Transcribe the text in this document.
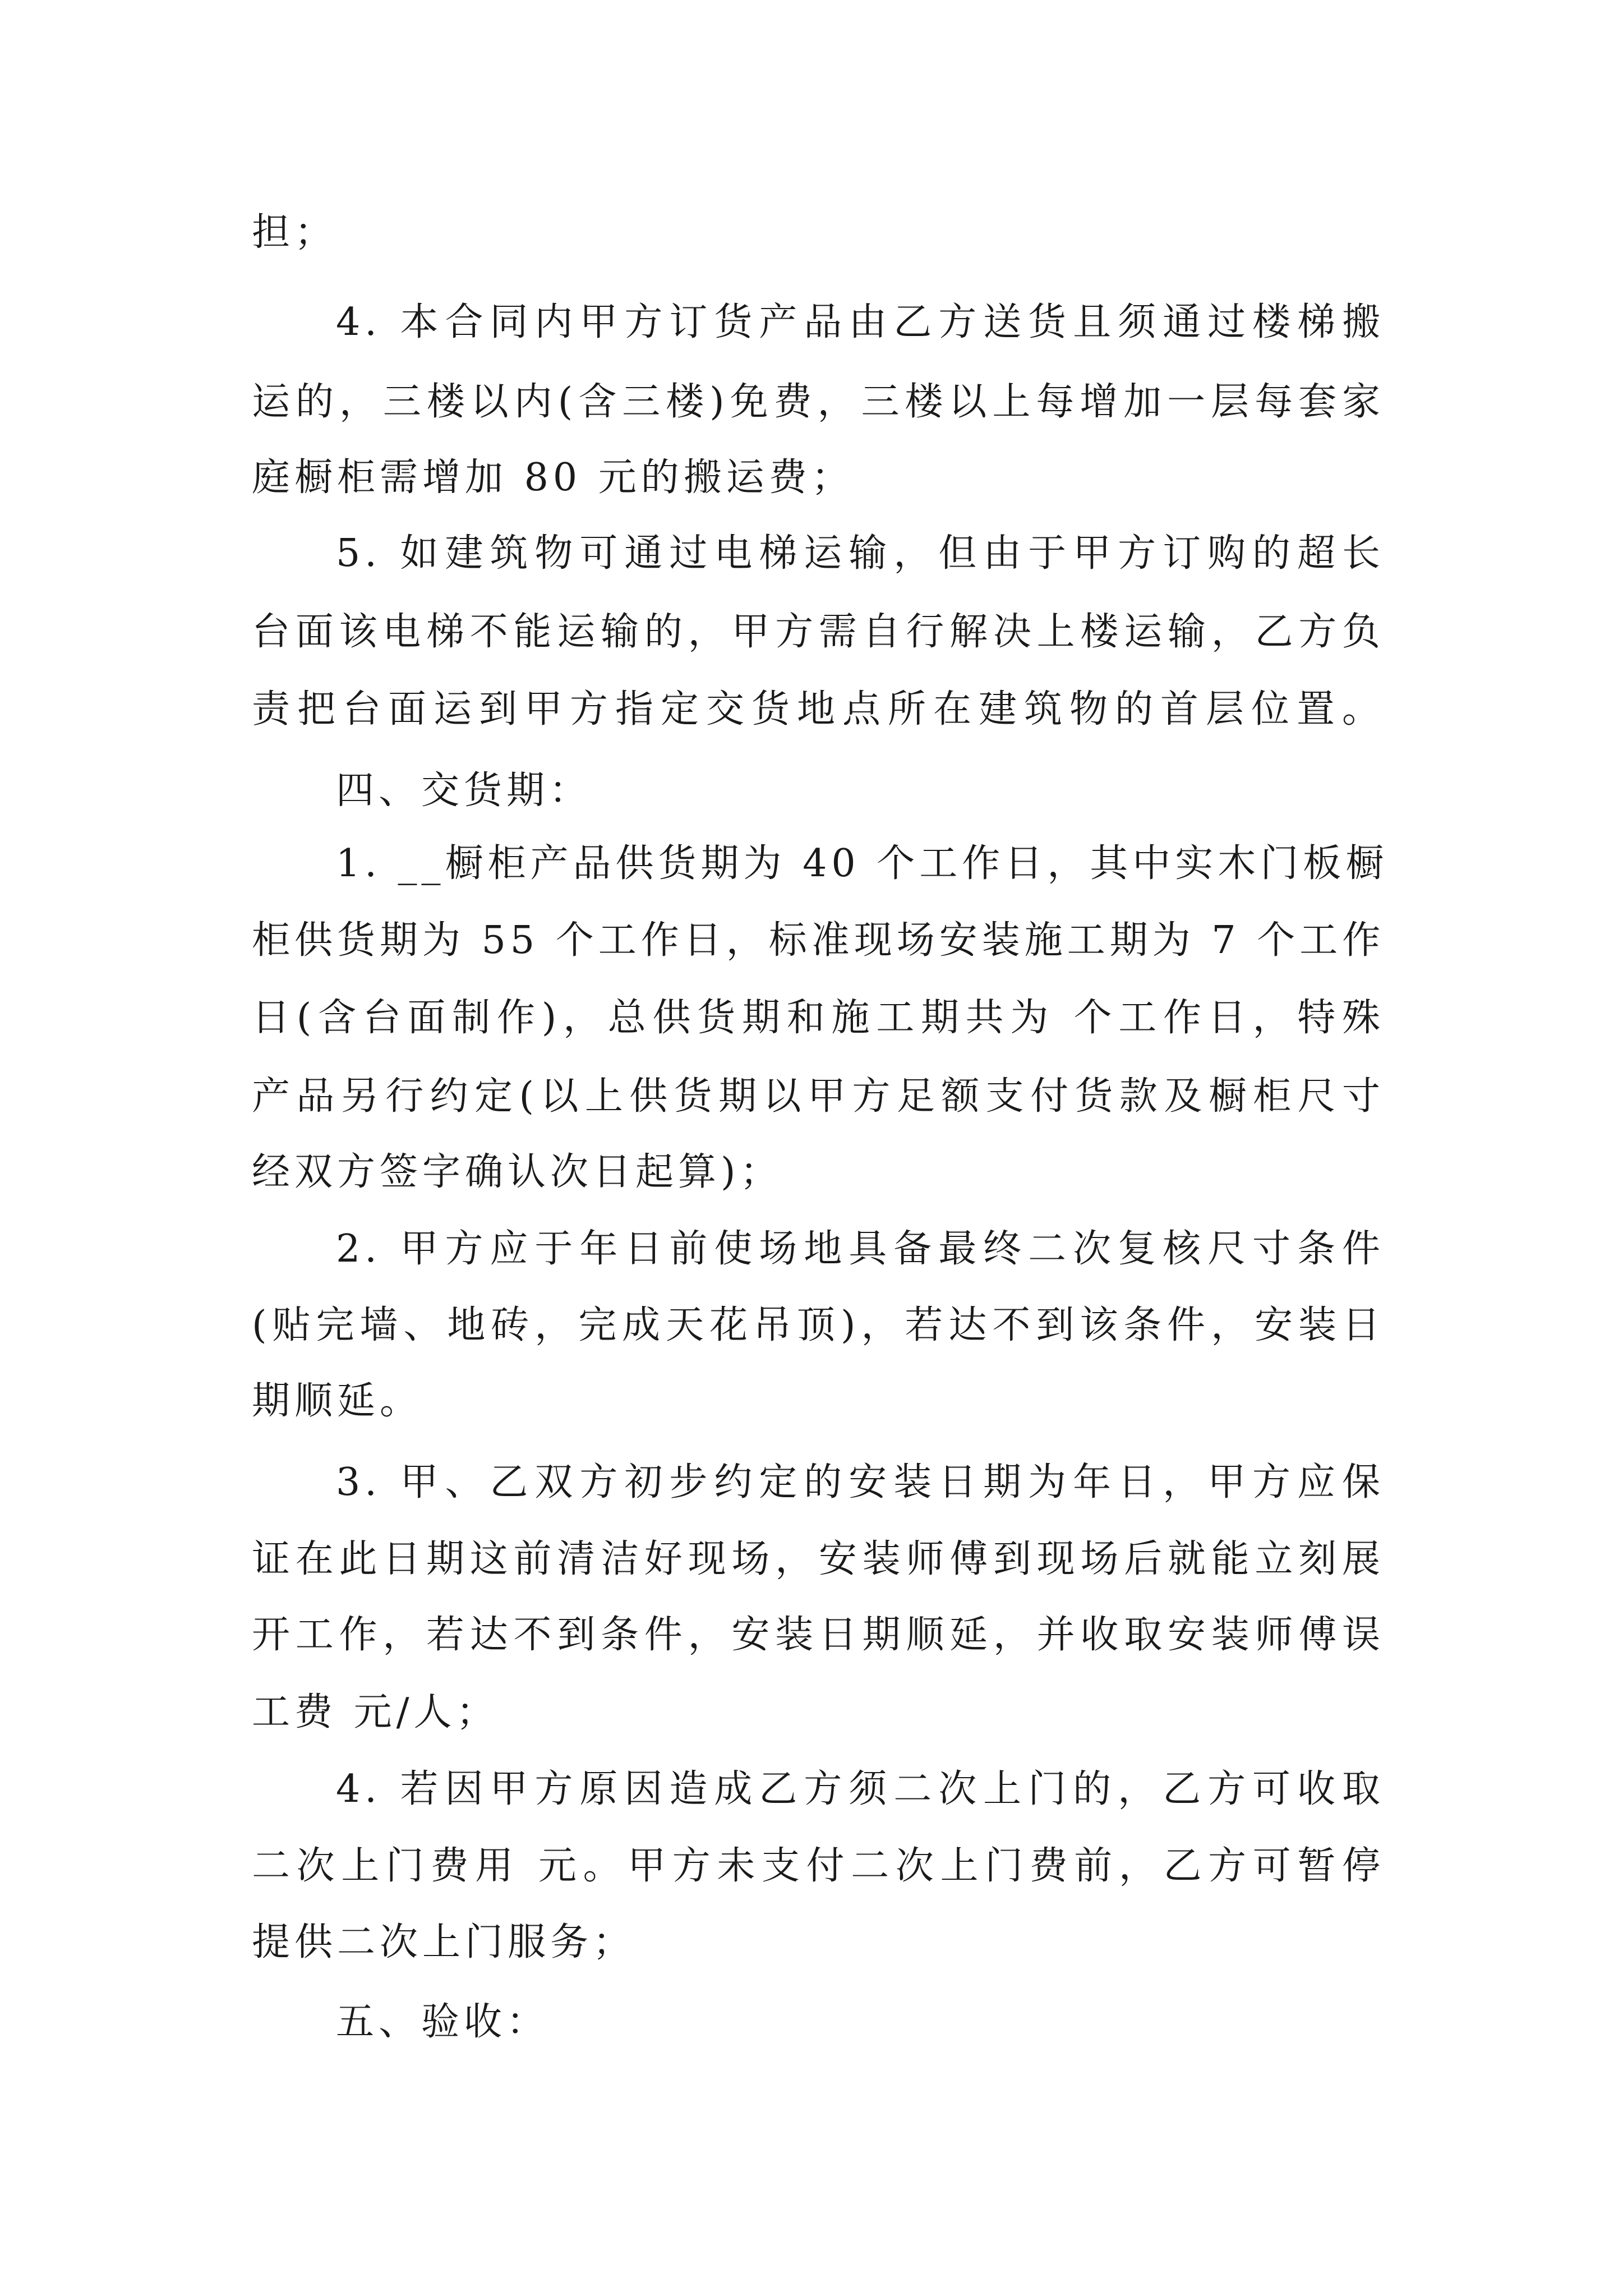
担；
4. 本合同内甲方订货产品由乙方送货且须通过楼梯搬
运的，三楼以内(含三楼)免费，三楼以上每增加一层每套家
庭橱柜需增加 80 元的搬运费；
5. 如建筑物可通过电梯运输，但由于甲方订购的超长
台面该电梯不能运输的，甲方需自行解决上楼运输，乙方负
责把台面运到甲方指定交货地点所在建筑物的首层位置。
四、交货期：
1. __橱柜产品供货期为 40 个工作日，其中实木门板橱
柜供货期为 55 个工作日，标准现场安装施工期为 7 个工作
日(含台面制作)，总供货期和施工期共为 个工作日，特殊
产品另行约定(以上供货期以甲方足额支付货款及橱柜尺寸
经双方签字确认次日起算)；
2. 甲方应于年日前使场地具备最终二次复核尺寸条件
(贴完墙、地砖，完成天花吊顶)，若达不到该条件，安装日
期顺延。
3. 甲、乙双方初步约定的安装日期为年日，甲方应保
证在此日期这前清洁好现场，安装师傅到现场后就能立刻展
开工作，若达不到条件，安装日期顺延，并收取安装师傅误
工费 元/人；
4. 若因甲方原因造成乙方须二次上门的，乙方可收取
二次上门费用 元。甲方未支付二次上门费前，乙方可暂停
提供二次上门服务；
五、验收：
